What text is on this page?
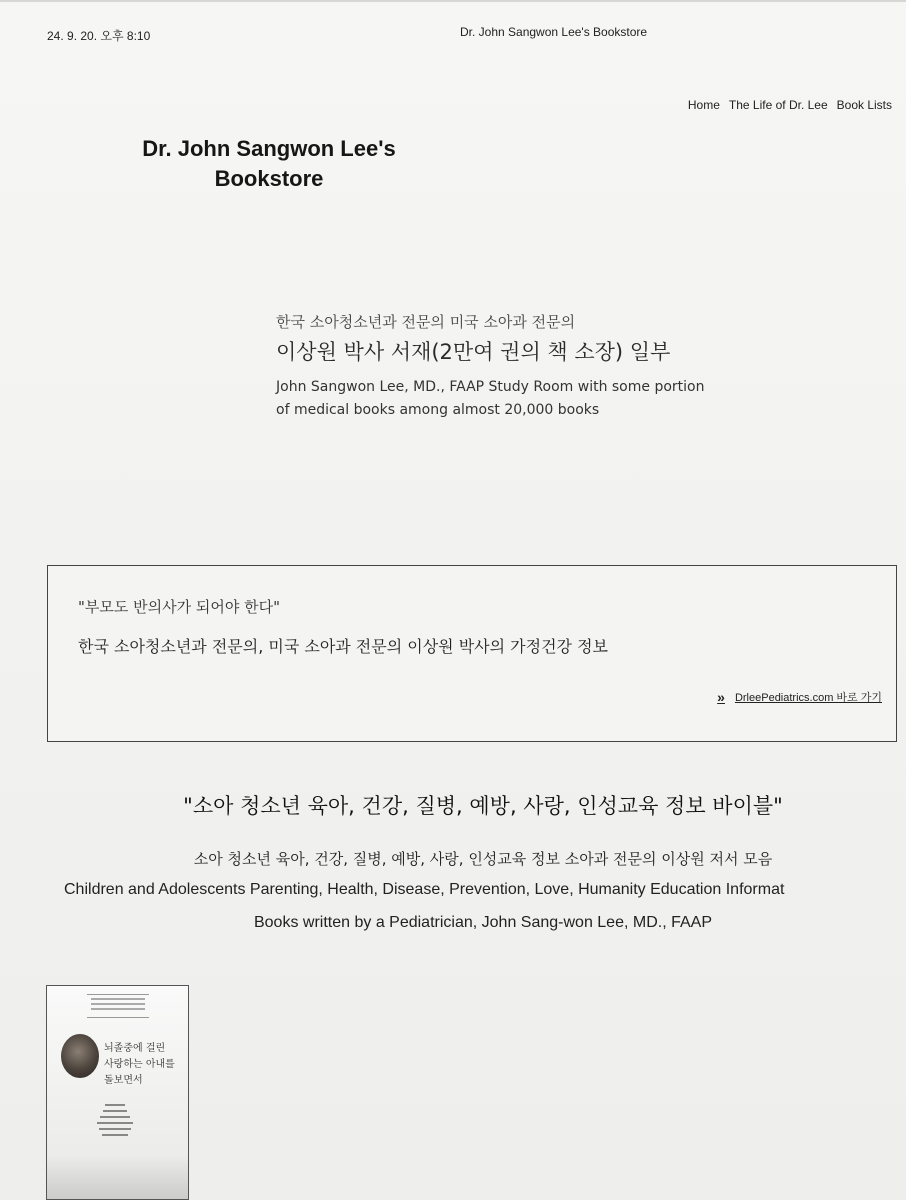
24. 9. 20. 오후 8:10	Dr. John Sangwon Lee's Bookstore
Home The Life of Dr. Lee Book Lists
Dr. John Sangwon Lee's Bookstore
한국 소아청소년과 전문의 미국 소아과 전문의
이상원 박사 서재(2만여 권의 책 소장) 일부
John Sangwon Lee, MD., FAAP Study Room with some portion of medical books among almost 20,000 books
"부모도 반의사가 되어야 한다"
한국 소아청소년과 전문의, 미국 소아과 전문의 이상원 박사의 가정건강 정보
» DrleePediatrics.com 바로 가기
"소아 청소년 육아, 건강, 질병, 예방, 사랑, 인성교육 정보 바이블"
소아 청소년 육아, 건강, 질병, 예방, 사랑, 인성교육 정보 소아과 전문의 이상원 저서 모음
Children and Adolescents Parenting, Health, Disease, Prevention, Love, Humanity Education Informat
Books written by a Pediatrician, John Sang-won Lee, MD., FAAP
뇌졸중에 걸린
사랑하는 아내를
돌보면서
